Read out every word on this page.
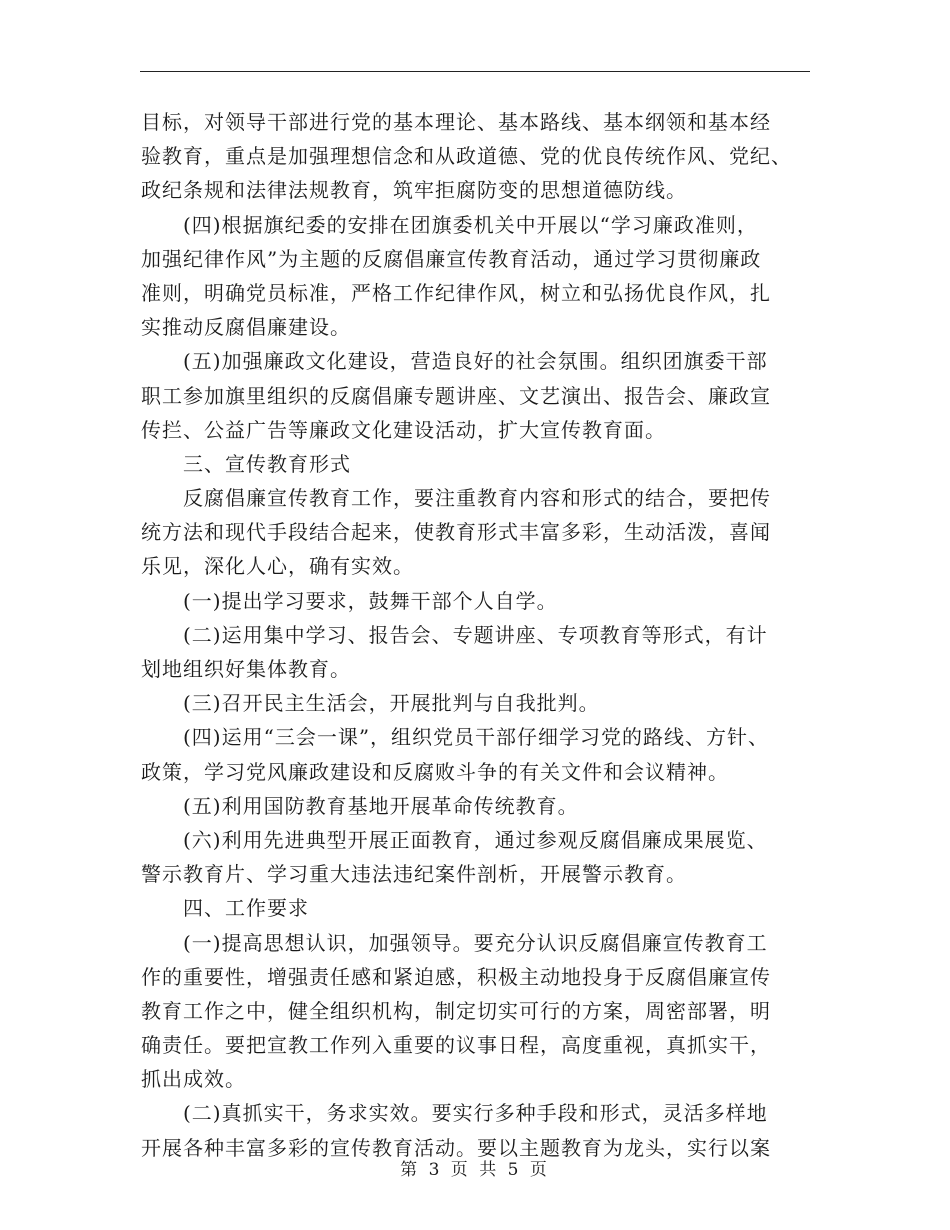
目标，对领导干部进行党的基本理论、基本路线、基本纲领和基本经
验教育，重点是加强理想信念和从政道德、党的优良传统作风、党纪、
政纪条规和法律法规教育，筑牢拒腐防变的思想道德防线。
(四)根据旗纪委的安排在团旗委机关中开展以“学习廉政准则，
加强纪律作风”为主题的反腐倡廉宣传教育活动，通过学习贯彻廉政
准则，明确党员标准，严格工作纪律作风，树立和弘扬优良作风，扎
实推动反腐倡廉建设。
(五)加强廉政文化建设，营造良好的社会氛围。组织团旗委干部
职工参加旗里组织的反腐倡廉专题讲座、文艺演出、报告会、廉政宣
传拦、公益广告等廉政文化建设活动，扩大宣传教育面。
三、宣传教育形式
反腐倡廉宣传教育工作，要注重教育内容和形式的结合，要把传
统方法和现代手段结合起来，使教育形式丰富多彩，生动活泼，喜闻
乐见，深化人心，确有实效。
(一)提出学习要求，鼓舞干部个人自学。
(二)运用集中学习、报告会、专题讲座、专项教育等形式，有计
划地组织好集体教育。
(三)召开民主生活会，开展批判与自我批判。
(四)运用“三会一课”，组织党员干部仔细学习党的路线、方针、
政策，学习党风廉政建设和反腐败斗争的有关文件和会议精神。
(五)利用国防教育基地开展革命传统教育。
(六)利用先进典型开展正面教育，通过参观反腐倡廉成果展览、
警示教育片、学习重大违法违纪案件剖析，开展警示教育。
四、工作要求
(一)提高思想认识，加强领导。要充分认识反腐倡廉宣传教育工
作的重要性，增强责任感和紧迫感，积极主动地投身于反腐倡廉宣传
教育工作之中，健全组织机构，制定切实可行的方案，周密部署，明
确责任。要把宣教工作列入重要的议事日程，高度重视，真抓实干，
抓出成效。
(二)真抓实干，务求实效。要实行多种手段和形式，灵活多样地
开展各种丰富多彩的宣传教育活动。要以主题教育为龙头，实行以案
第 3 页 共 5 页
